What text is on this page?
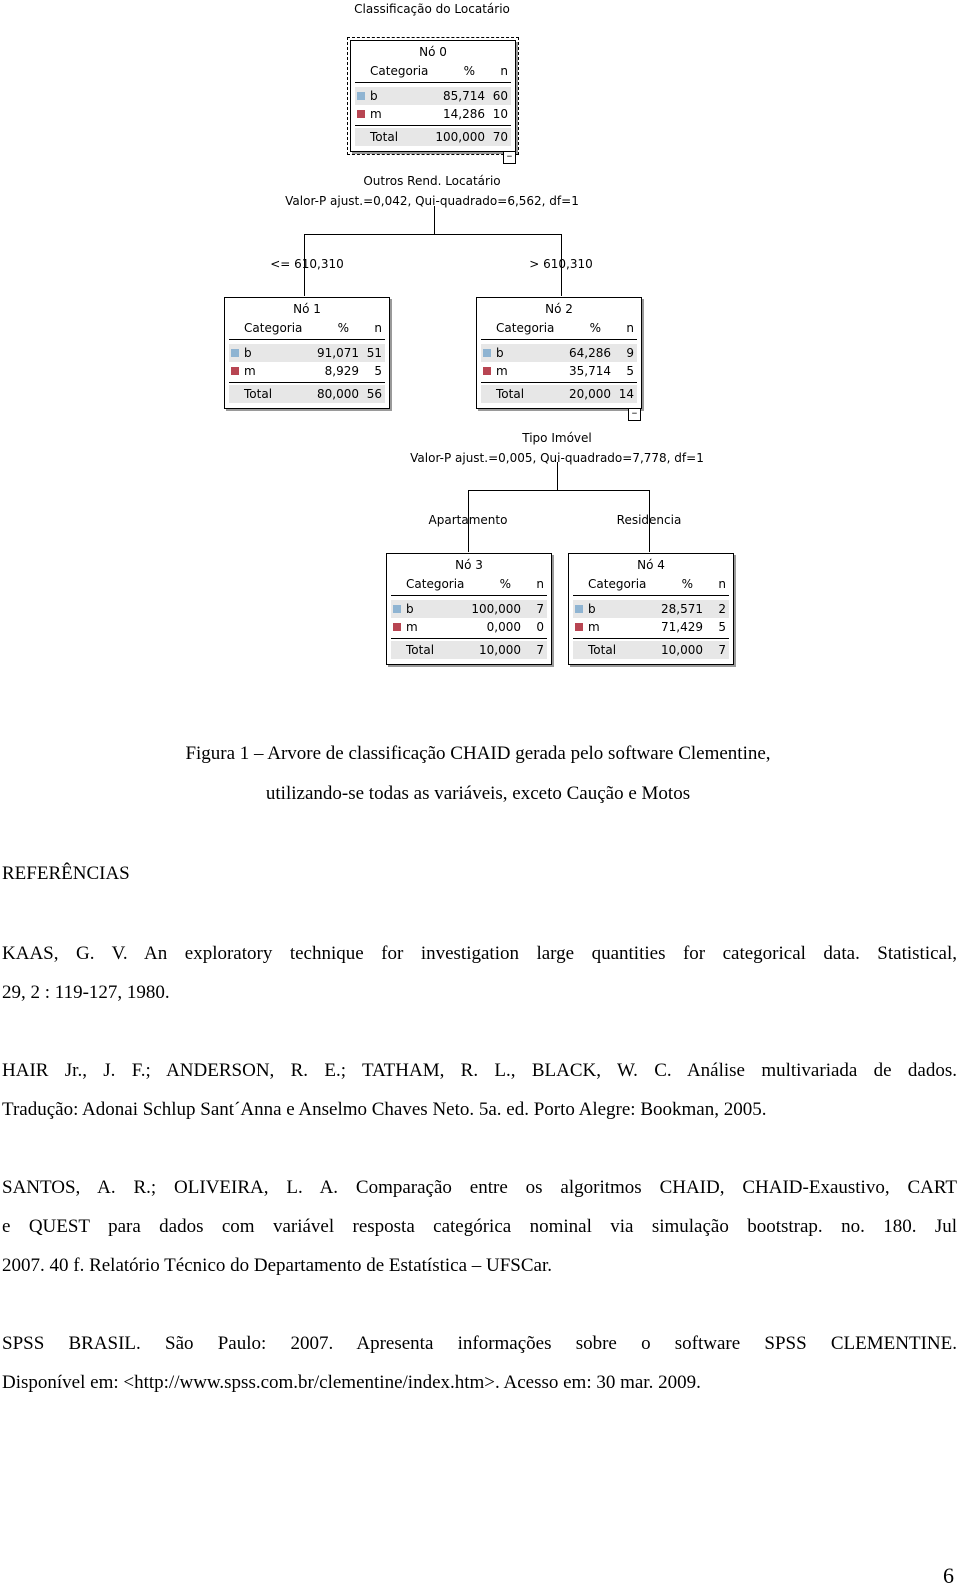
Classificação do Locatário
Nó 0
Categoria	% n
b	85,714 60
m	14,286 10
Total	100,000 70
−
Outros Rend. Locatário
Valor-P ajust.=0,042, Qui-quadrado=6,562, df=1
<= 610,310	> 610,310
Nó 1
Categoria	% n
b	91,071 51
m	8,929 5
Total	80,000 56
Nó 2
Categoria	% n
b	64,286 9
m	35,714 5
Total	20,000 14
−
Tipo Imóvel
Valor-P ajust.=0,005, Qui-quadrado=7,778, df=1
Apartamento	Residencia
Nó 3
Categoria	% n
b	100,000 7
m	0,000 0
Total	10,000 7
Nó 4
Categoria	% n
b	28,571 2
m	71,429 5
Total	10,000 7
Figura 1 – Arvore de classificação CHAID gerada pelo software Clementine,
utilizando-se todas as variáveis, exceto Caução e Motos
REFERÊNCIAS
KAAS, G. V. An exploratory technique for investigation large quantities for categorical data. Statistical,
29, 2 : 119-127, 1980.
HAIR Jr., J. F.; ANDERSON, R. E.; TATHAM, R. L., BLACK, W. C. Análise multivariada de dados.
Tradução: Adonai Schlup Sant´Anna e Anselmo Chaves Neto. 5a. ed. Porto Alegre: Bookman, 2005.
SANTOS, A. R.; OLIVEIRA, L. A. Comparação entre os algoritmos CHAID, CHAID-Exaustivo, CART
e QUEST para dados com variável resposta categórica nominal via simulação bootstrap. no. 180. Jul
2007. 40 f. Relatório Técnico do Departamento de Estatística – UFSCar.
SPSS BRASIL. São Paulo: 2007. Apresenta informações sobre o software SPSS CLEMENTINE.
Disponível em: <http://www.spss.com.br/clementine/index.htm>. Acesso em: 30 mar. 2009.
6
